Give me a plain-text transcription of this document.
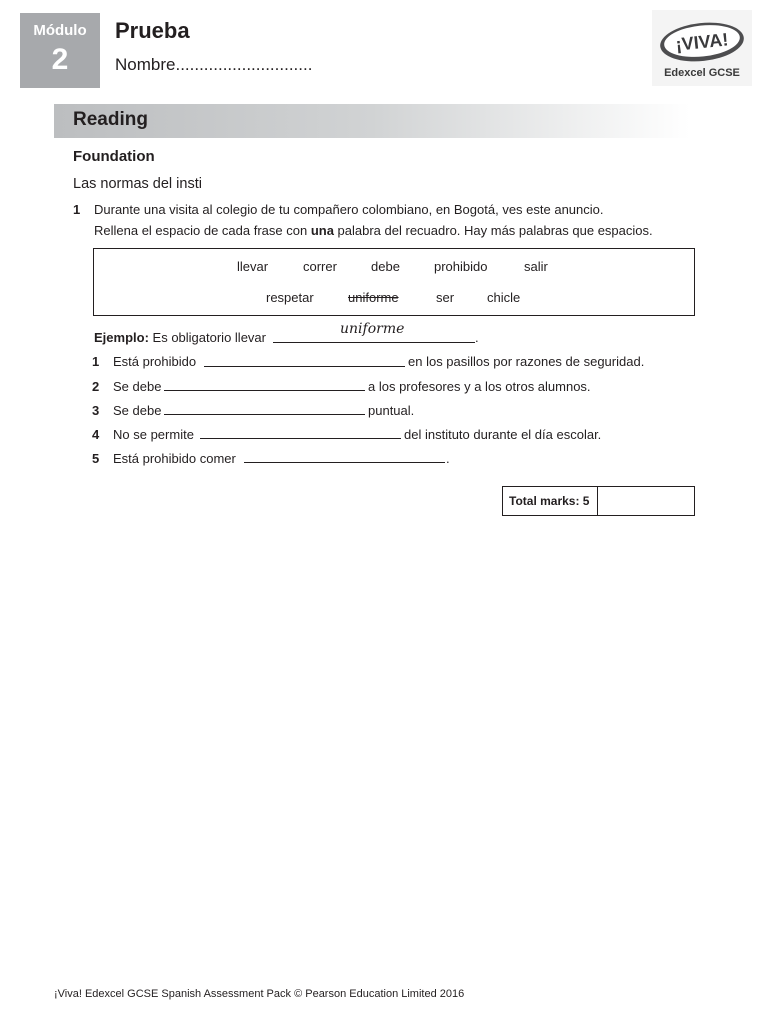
Módulo
2
Prueba
Nombre.............................
¡VIVA!
Edexcel GCSE
Reading
Foundation
Las normas del insti
1 Durante una visita al colegio de tu compañero colombiano, en Bogotá, ves este anuncio.
Rellena el espacio de cada frase con una palabra del recuadro. Hay más palabras que espacios.
llevar	correr	debe	prohibido	salir
respetar	uniforme	ser	chicle
Ejemplo: Es obligatorio llevar
uniforme
.
1 Está prohibido	en los pasillos por razones de seguridad.
2 Se debe	a los profesores y a los otros alumnos.
3 Se debe	puntual.
4 No se permite	del instituto durante el día escolar.
5 Está prohibido comer	.
Total marks: 5
¡Viva! Edexcel GCSE Spanish Assessment Pack © Pearson Education Limited 2016
